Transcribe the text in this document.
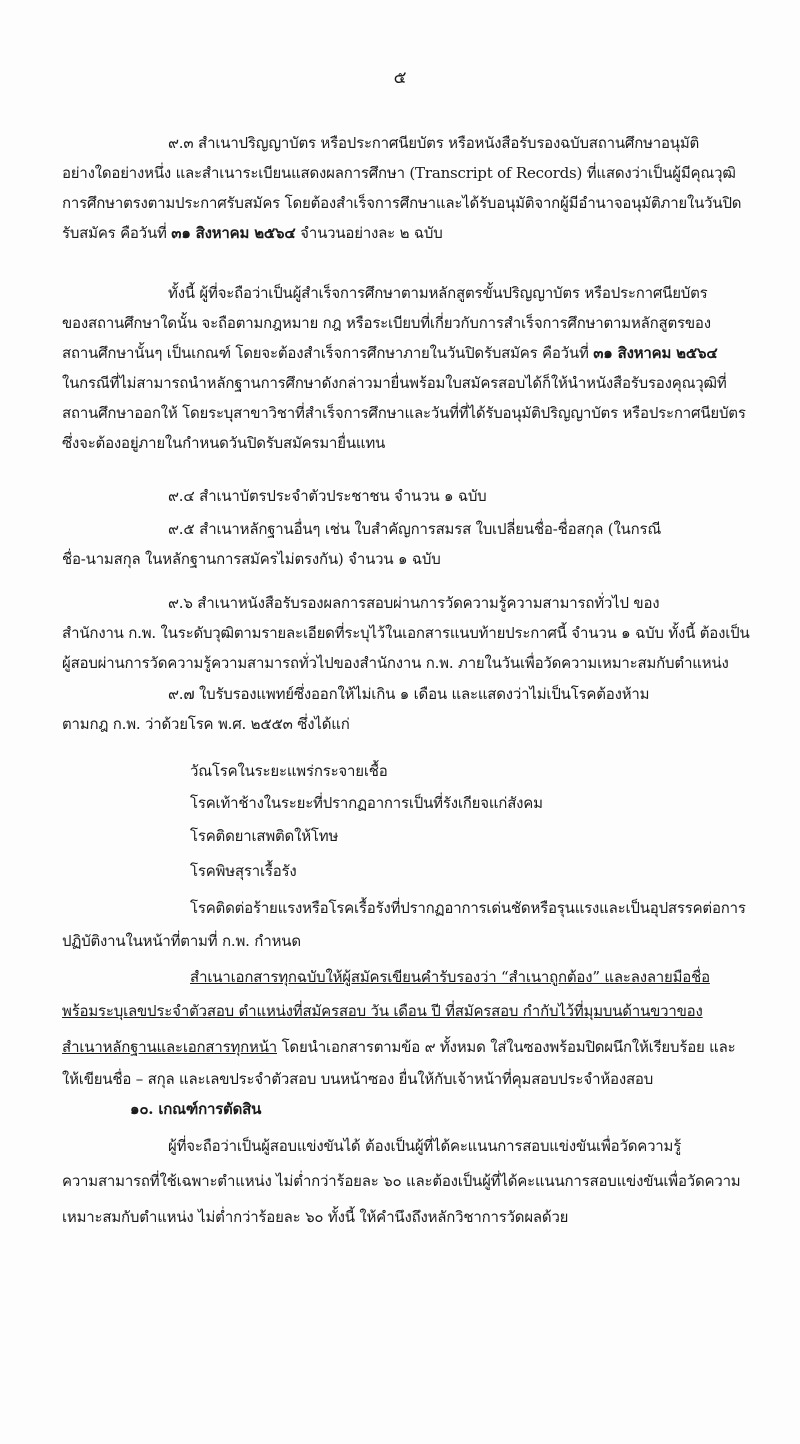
๕
๙.๓ สำเนาปริญญาบัตร หรือประกาศนียบัตร หรือหนังสือรับรองฉบับสถานศึกษาอนุมัติ
อย่างใดอย่างหนึ่ง และสำเนาระเบียนแสดงผลการศึกษา (Transcript of Records) ที่แสดงว่าเป็นผู้มีคุณวุฒิ
การศึกษาตรงตามประกาศรับสมัคร โดยต้องสำเร็จการศึกษาและได้รับอนุมัติจากผู้มีอำนาจอนุมัติภายในวันปิด
รับสมัคร คือวันที่ ๓๑ สิงหาคม ๒๕๖๔ จำนวนอย่างละ ๒ ฉบับ
ทั้งนี้ ผู้ที่จะถือว่าเป็นผู้สำเร็จการศึกษาตามหลักสูตรขั้นปริญญาบัตร หรือประกาศนียบัตร
ของสถานศึกษาใดนั้น จะถือตามกฎหมาย กฎ หรือระเบียบที่เกี่ยวกับการสำเร็จการศึกษาตามหลักสูตรของ
สถานศึกษานั้นๆ เป็นเกณฑ์ โดยจะต้องสำเร็จการศึกษาภายในวันปิดรับสมัคร คือวันที่ ๓๑ สิงหาคม ๒๕๖๔
ในกรณีที่ไม่สามารถนำหลักฐานการศึกษาดังกล่าวมายื่นพร้อมใบสมัครสอบได้ก็ให้นำหนังสือรับรองคุณวุฒิที่
สถานศึกษาออกให้ โดยระบุสาขาวิชาที่สำเร็จการศึกษาและวันที่ที่ได้รับอนุมัติปริญญาบัตร หรือประกาศนียบัตร
ซึ่งจะต้องอยู่ภายในกำหนดวันปิดรับสมัครมายื่นแทน
๙.๔ สำเนาบัตรประจำตัวประชาชน จำนวน ๑ ฉบับ
๙.๕ สำเนาหลักฐานอื่นๆ เช่น ใบสำคัญการสมรส ใบเปลี่ยนชื่อ-ชื่อสกุล (ในกรณี
ชื่อ-นามสกุล ในหลักฐานการสมัครไม่ตรงกัน) จำนวน ๑ ฉบับ
๙.๖ สำเนาหนังสือรับรองผลการสอบผ่านการวัดความรู้ความสามารถทั่วไป ของ
สำนักงาน ก.พ. ในระดับวุฒิตามรายละเอียดที่ระบุไว้ในเอกสารแนบท้ายประกาศนี้ จำนวน ๑ ฉบับ ทั้งนี้ ต้องเป็น
ผู้สอบผ่านการวัดความรู้ความสามารถทั่วไปของสำนักงาน ก.พ. ภายในวันเพื่อวัดความเหมาะสมกับตำแหน่ง
๙.๗ ใบรับรองแพทย์ซึ่งออกให้ไม่เกิน ๑ เดือน และแสดงว่าไม่เป็นโรคต้องห้าม
ตามกฎ ก.พ. ว่าด้วยโรค พ.ศ. ๒๕๕๓ ซึ่งได้แก่
วัณโรคในระยะแพร่กระจายเชื้อ
โรคเท้าช้างในระยะที่ปรากฏอาการเป็นที่รังเกียจแก่สังคม
โรคติดยาเสพติดให้โทษ
โรคพิษสุราเรื้อรัง
โรคติดต่อร้ายแรงหรือโรคเรื้อรังที่ปรากฏอาการเด่นชัดหรือรุนแรงและเป็นอุปสรรคต่อการ
ปฏิบัติงานในหน้าที่ตามที่ ก.พ. กำหนด
สำเนาเอกสารทุกฉบับให้ผู้สมัครเขียนคำรับรองว่า “สำเนาถูกต้อง” และลงลายมือชื่อ
พร้อมระบุเลขประจำตัวสอบ ตำแหน่งที่สมัครสอบ วัน เดือน ปี ที่สมัครสอบ กำกับไว้ที่มุมบนด้านขวาของ
สำเนาหลักฐานและเอกสารทุกหน้า โดยนำเอกสารตามข้อ ๙ ทั้งหมด ใส่ในซองพร้อมปิดผนึกให้เรียบร้อย และ
ให้เขียนชื่อ – สกุล และเลขประจำตัวสอบ บนหน้าซอง ยื่นให้กับเจ้าหน้าที่คุมสอบประจำห้องสอบ
๑๐. เกณฑ์การตัดสิน
ผู้ที่จะถือว่าเป็นผู้สอบแข่งขันได้ ต้องเป็นผู้ที่ได้คะแนนการสอบแข่งขันเพื่อวัดความรู้
ความสามารถที่ใช้เฉพาะตำแหน่ง ไม่ต่ำกว่าร้อยละ ๖๐ และต้องเป็นผู้ที่ได้คะแนนการสอบแข่งขันเพื่อวัดความ
เหมาะสมกับตำแหน่ง ไม่ต่ำกว่าร้อยละ ๖๐ ทั้งนี้ ให้คำนึงถึงหลักวิชาการวัดผลด้วย
